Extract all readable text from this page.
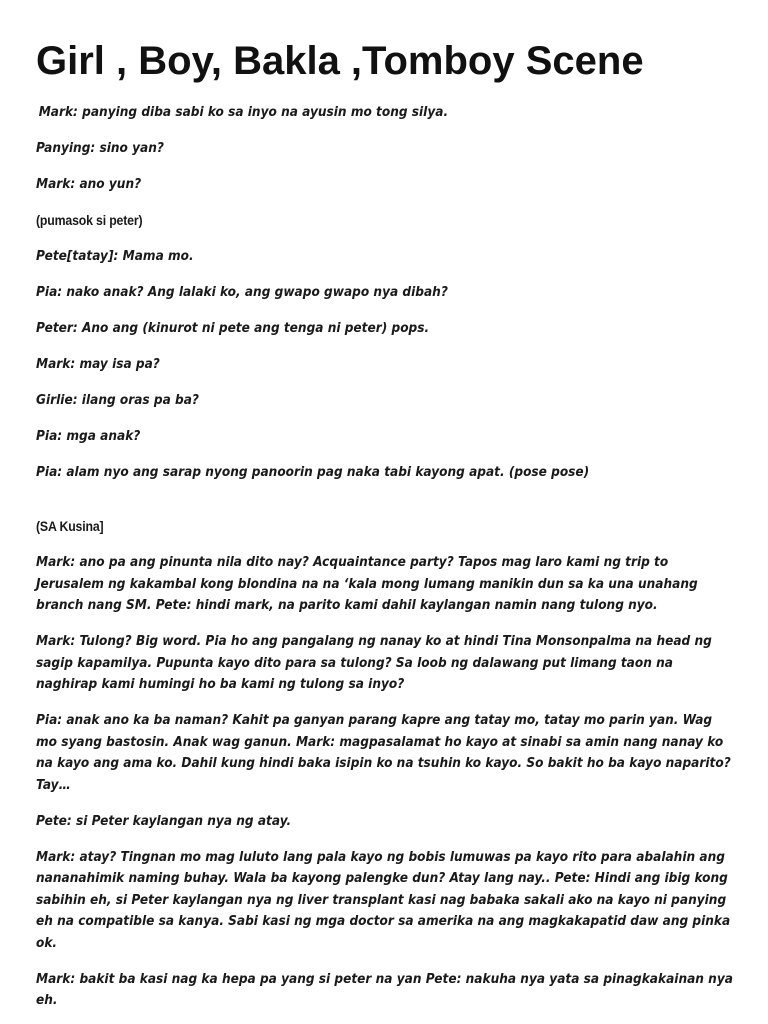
Girl , Boy, Bakla ,Tomboy Scene

Mark: panying diba sabi ko sa inyo na ayusin mo tong silya.

Panying: sino yan?

Mark: ano yun?

(pumasok si peter)

Pete[tatay]: Mama mo.

Pia: nako anak? Ang lalaki ko, ang gwapo gwapo nya dibah?

Peter: Ano ang (kinurot ni pete ang tenga ni peter) pops.

Mark: may isa pa?

Girlie: ilang oras pa ba?

Pia: mga anak?

Pia: alam nyo ang sarap nyong panoorin pag naka tabi kayong apat. (pose pose)

(SA Kusina]

Mark: ano pa ang pinunta nila dito nay? Acquaintance party? Tapos mag laro kami ng trip to Jerusalem ng kakambal kong blondina na na ‘kala mong lumang manikin dun sa ka una unahang branch nang SM. Pete: hindi mark, na parito kami dahil kaylangan namin nang tulong nyo.

Mark: Tulong? Big word. Pia ho ang pangalang ng nanay ko at hindi Tina Monsonpalma na head ng sagip kapamilya. Pupunta kayo dito para sa tulong? Sa loob ng dalawang put limang taon na naghirap kami humingi ho ba kami ng tulong sa inyo?

Pia: anak ano ka ba naman? Kahit pa ganyan parang kapre ang tatay mo, tatay mo parin yan. Wag mo syang bastosin. Anak wag ganun. Mark: magpasalamat ho kayo at sinabi sa amin nang nanay ko na kayo ang ama ko. Dahil kung hindi baka isipin ko na tsuhin ko kayo. So bakit ho ba kayo naparito? Tay…

Pete: si Peter kaylangan nya ng atay.

Mark: atay? Tingnan mo mag luluto lang pala kayo ng bobis lumuwas pa kayo rito para abalahin ang nananahimik naming buhay. Wala ba kayong palengke dun? Atay lang nay.. Pete: Hindi ang ibig kong sabihin eh, si Peter kaylangan nya ng liver transplant kasi nag babaka sakali ako na kayo ni panying eh na compatible sa kanya. Sabi kasi ng mga doctor sa amerika na ang magkakapatid daw ang pinka ok.

Mark: bakit ba kasi nag ka hepa pa yang si peter na yan Pete: nakuha nya yata sa pinagkakainan nya eh.
